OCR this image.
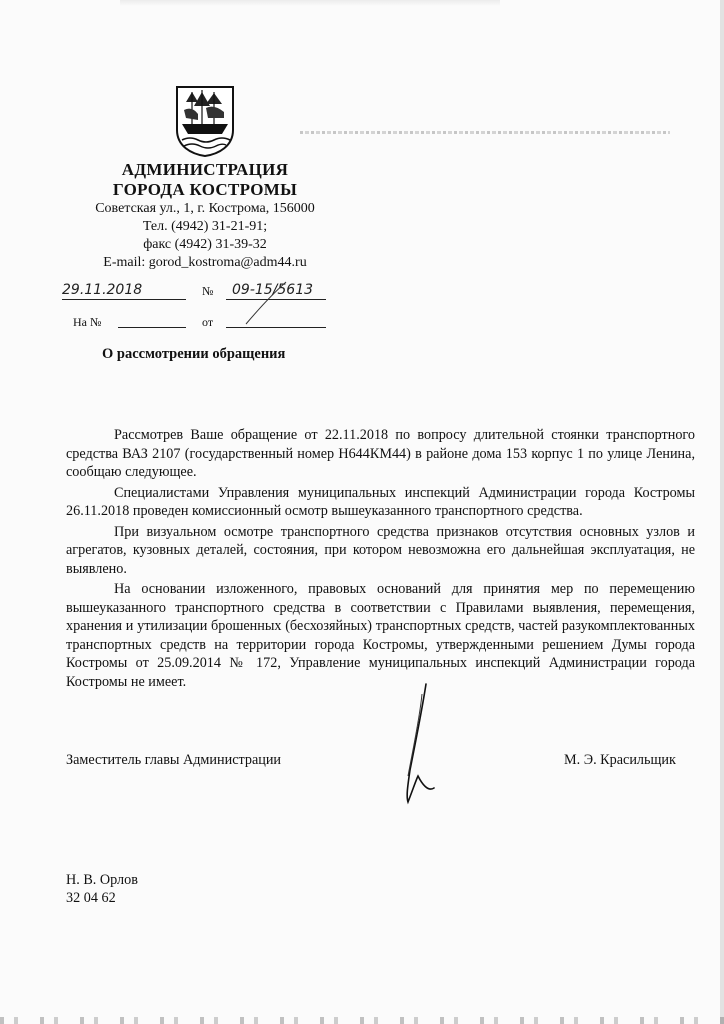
АДМИНИСТРАЦИЯ
ГОРОДА КОСТРОМЫ
Советская ул., 1, г. Кострома, 156000
Тел. (4942) 31-21-91;
факс (4942) 31-39-32
E-mail: gorod_kostroma@adm44.ru
29.11.2018	№ 09-15/5613
На №	от
О рассмотрении обращения

Рассмотрев Ваше обращение от 22.11.2018 по вопросу длительной стоянки транспортного средства ВАЗ 2107 (государственный номер Н644КМ44) в районе дома 153 корпус 1 по улице Ленина, сообщаю следующее.

Специалистами Управления муниципальных инспекций Администрации города Костромы 26.11.2018 проведен комиссионный осмотр вышеуказанного транспортного средства.

При визуальном осмотре транспортного средства признаков отсутствия основных узлов и агрегатов, кузовных деталей, состояния, при котором невозможна его дальнейшая эксплуатация, не выявлено.

На основании изложенного, правовых оснований для принятия мер по перемещению вышеуказанного транспортного средства в соответствии с Правилами выявления, перемещения, хранения и утилизации брошенных (бесхозяйных) транспортных средств, частей разукомплектованных транспортных средств на территории города Костромы, утвержденными решением Думы города Костромы от 25.09.2014 № 172, Управление муниципальных инспекций Администрации города Костромы не имеет.

Заместитель главы Администрации	М. Э. Красильщик
Н. В. Орлов
32 04 62
